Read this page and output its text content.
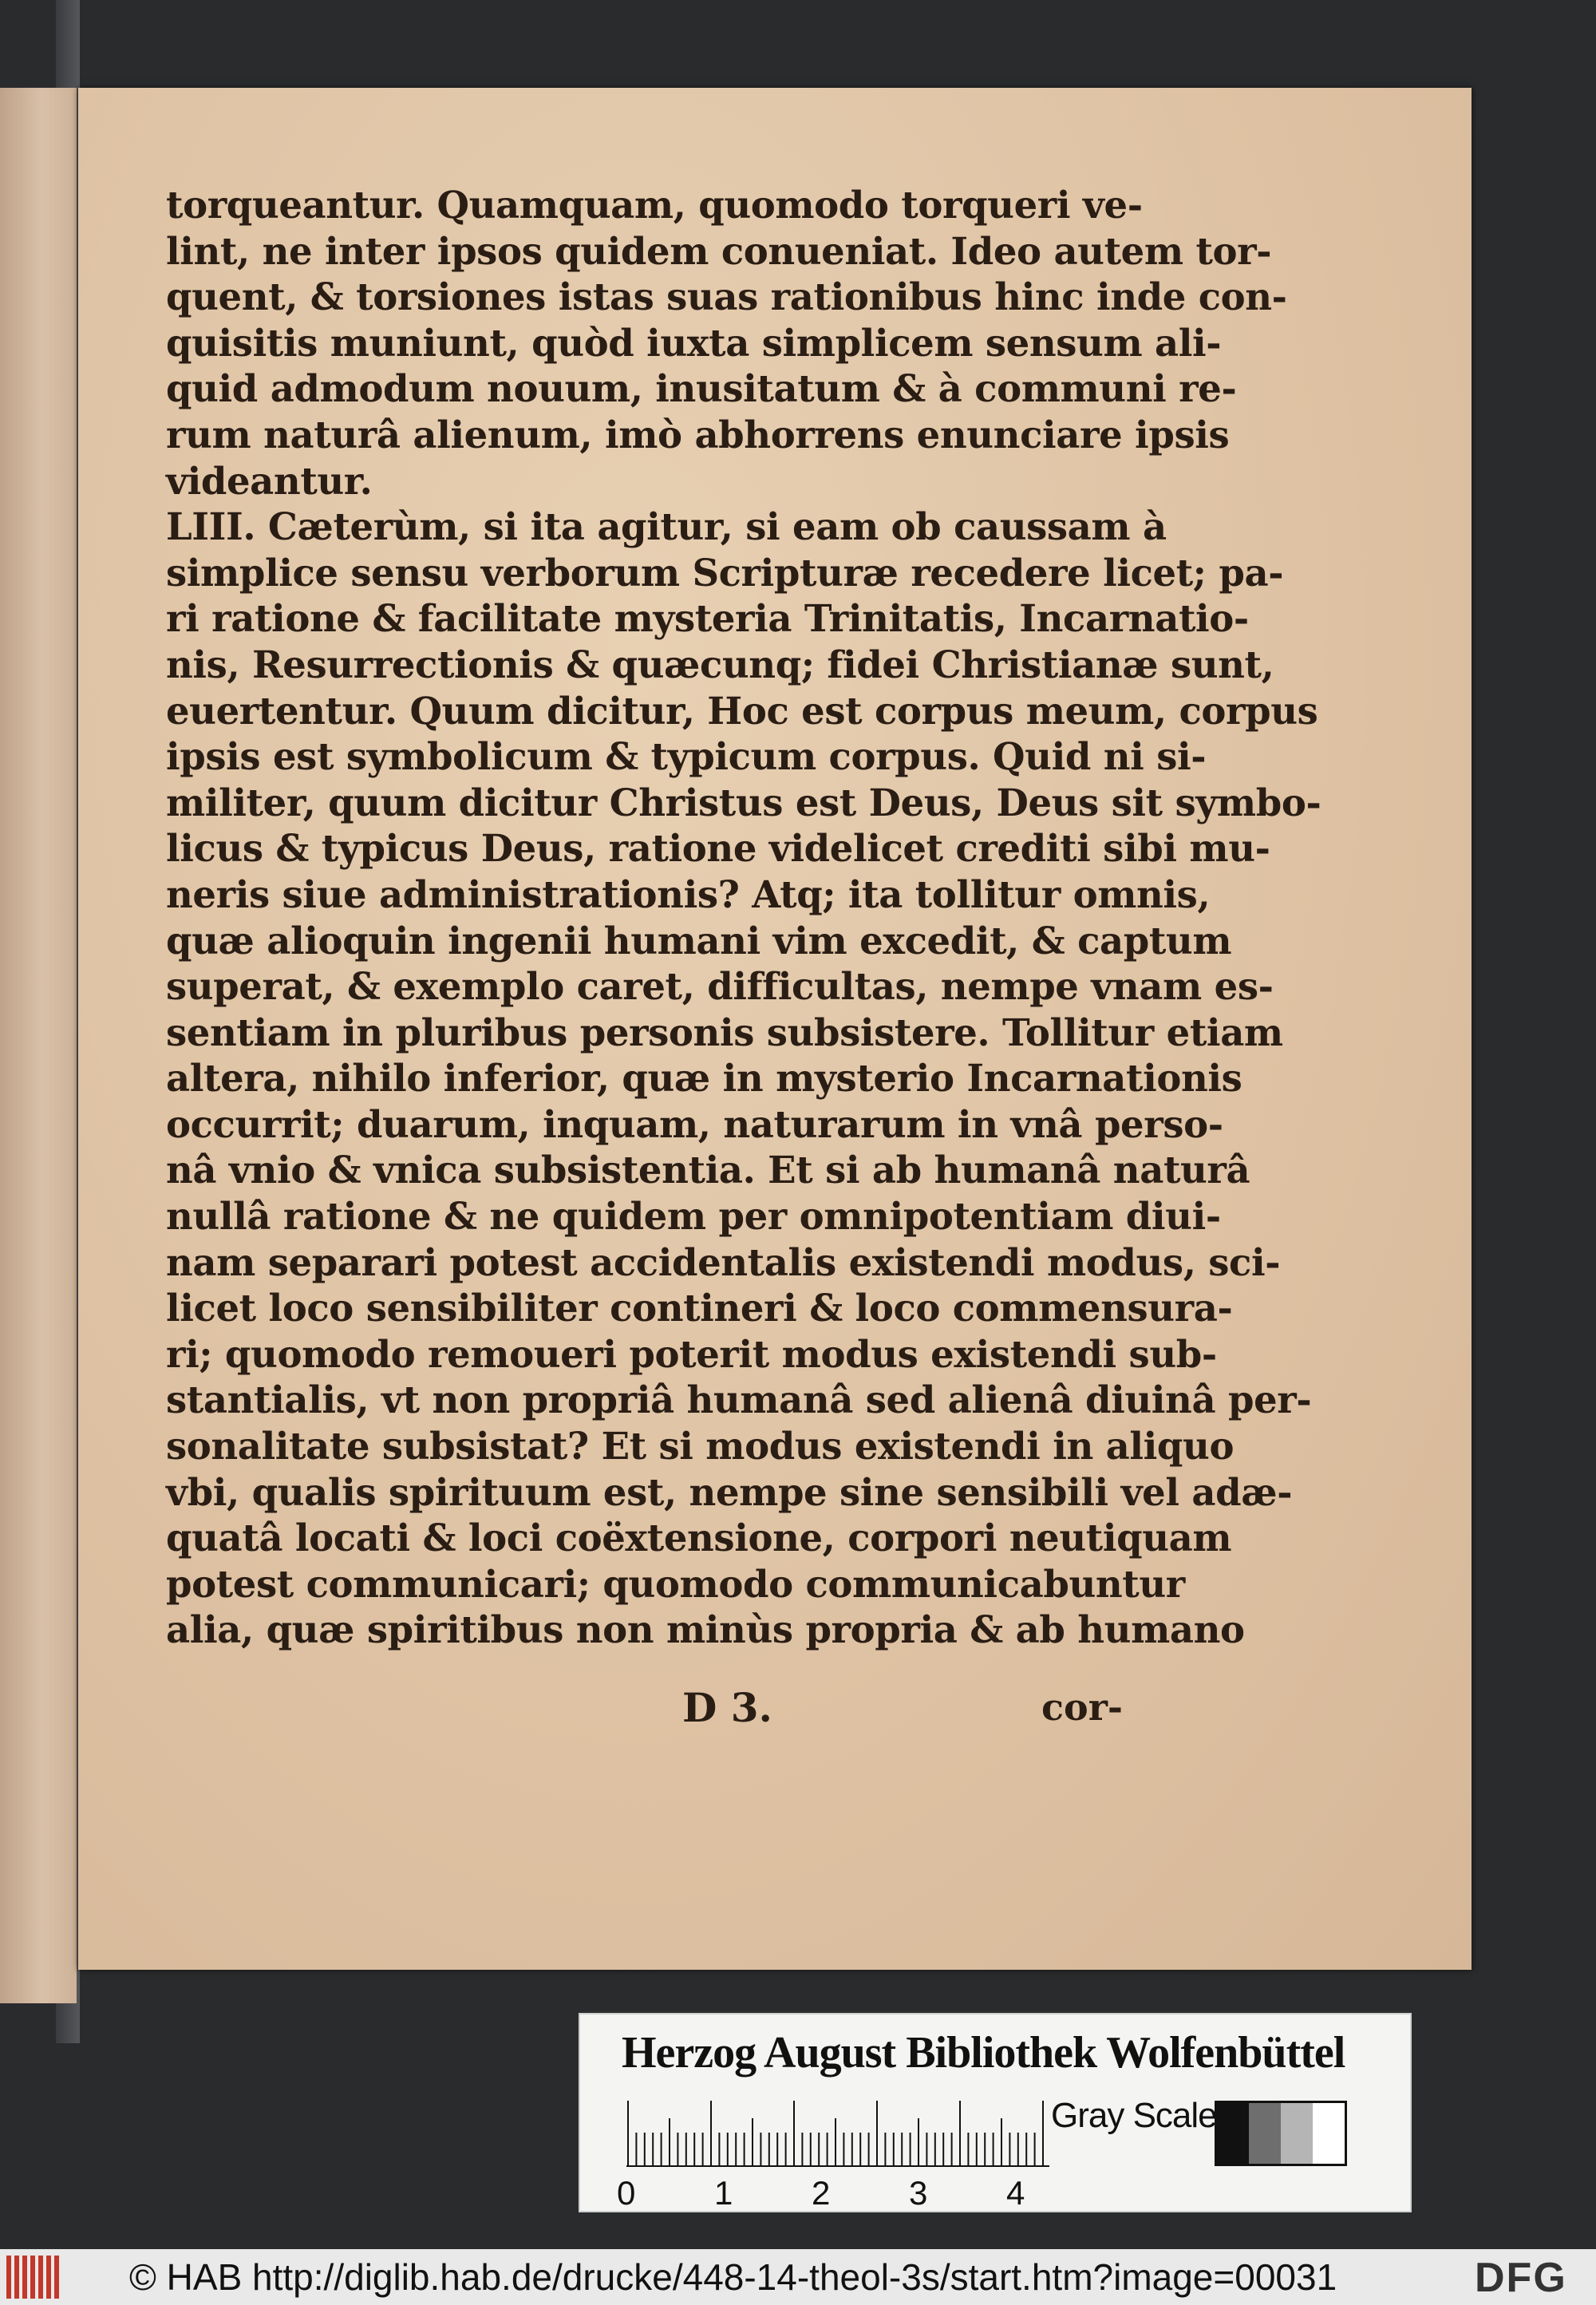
torqueantur. Quamquam, quomodo torqueri ve-
lint, ne inter ipsos quidem conueniat. Ideo autem tor-
quent, & torsiones istas suas rationibus hinc inde con-
quisitis muniunt, quòd iuxta simplicem sensum ali-
quid admodum nouum, inusitatum & à communi re-
rum naturâ alienum, imò abhorrens enunciare ipsis
videantur.
LIII. Cæterùm, si ita agitur, si eam ob caussam à
simplice sensu verborum Scripturæ recedere licet; pa-
ri ratione & facilitate mysteria Trinitatis, Incarnatio-
nis, Resurrectionis & quæcunq; fidei Christianæ sunt,
euertentur. Quum dicitur, Hoc est corpus meum, corpus
ipsis est symbolicum & typicum corpus. Quid ni si-
militer, quum dicitur Christus est Deus, Deus sit symbo-
licus & typicus Deus, ratione videlicet crediti sibi mu-
neris siue administrationis? Atq; ita tollitur omnis,
quæ alioquin ingenii humani vim excedit, & captum
superat, & exemplo caret, difficultas, nempe vnam es-
sentiam in pluribus personis subsistere. Tollitur etiam
altera, nihilo inferior, quæ in mysterio Incarnationis
occurrit; duarum, inquam, naturarum in vnâ perso-
nâ vnio & vnica subsistentia. Et si ab humanâ naturâ
nullâ ratione & ne quidem per omnipotentiam diui-
nam separari potest accidentalis existendi modus, sci-
licet loco sensibiliter contineri & loco commensura-
ri; quomodo remoueri poterit modus existendi sub-
stantialis, vt non propriâ humanâ sed alienâ diuinâ per-
sonalitate subsistat? Et si modus existendi in aliquo
vbi, qualis spirituum est, nempe sine sensibili vel adæ-
quatâ locati & loci coëxtensione, corpori neutiquam
potest communicari; quomodo communicabuntur
alia, quæ spiritibus non minùs propria & ab humano
D 3.	cor-
Herzog August Bibliothek Wolfenbüttel
0 1 2 3 4
Gray Scale
© HAB http://diglib.hab.de/drucke/448-14-theol-3s/start.htm?image=00031	DFG
